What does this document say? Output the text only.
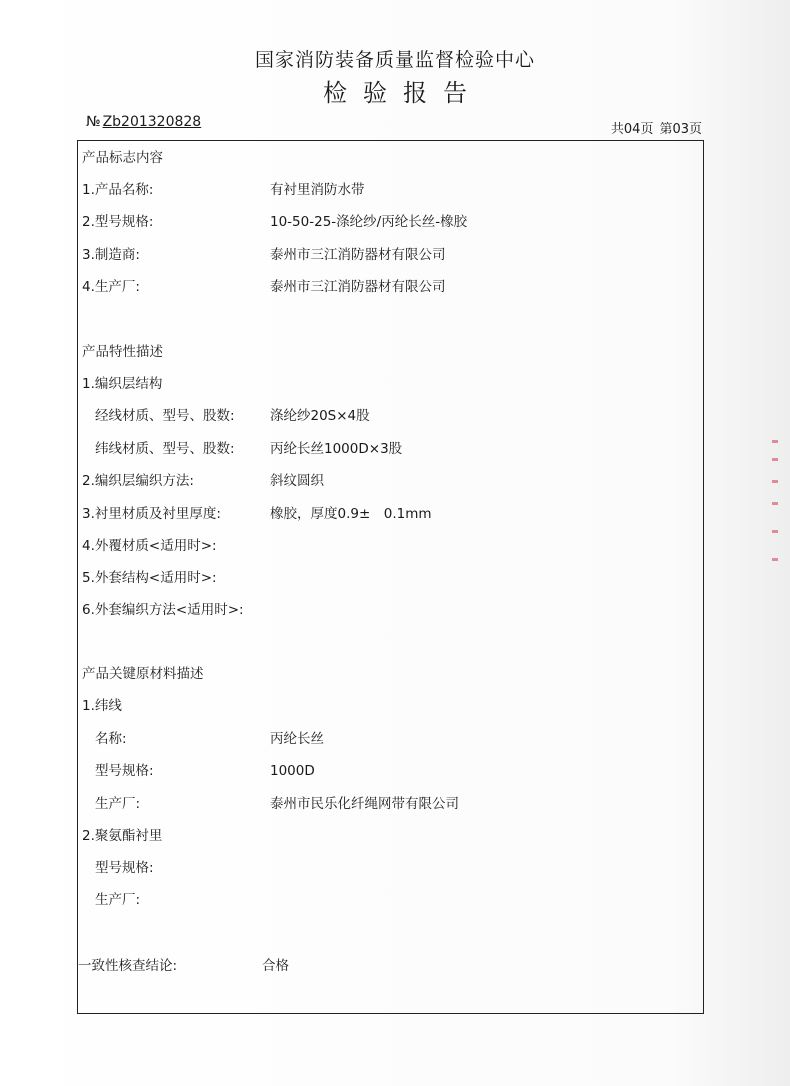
国家消防装备质量监督检验中心
检验报告
№ Zb201320828	共04页 第03页
产品标志内容
1.产品名称:	有衬里消防水带
2.型号规格:	10-50-25-涤纶纱/丙纶长丝-橡胶
3.制造商:	泰州市三江消防器材有限公司
4.生产厂:	泰州市三江消防器材有限公司
产品特性描述
1.编织层结构
经线材质、型号、股数:	涤纶纱20S×4股
纬线材质、型号、股数:	丙纶长丝1000D×3股
2.编织层编织方法:	斜纹圆织
3.衬里材质及衬里厚度:	橡胶，厚度0.9±　0.1mm
4.外覆材质<适用时>:
5.外套结构<适用时>:
6.外套编织方法<适用时>:
产品关键原材料描述
1.纬线
名称:	丙纶长丝
型号规格:	1000D
生产厂:	泰州市民乐化纤绳网带有限公司
2.聚氨酯衬里
型号规格:
生产厂:
一致性核查结论:	合格
